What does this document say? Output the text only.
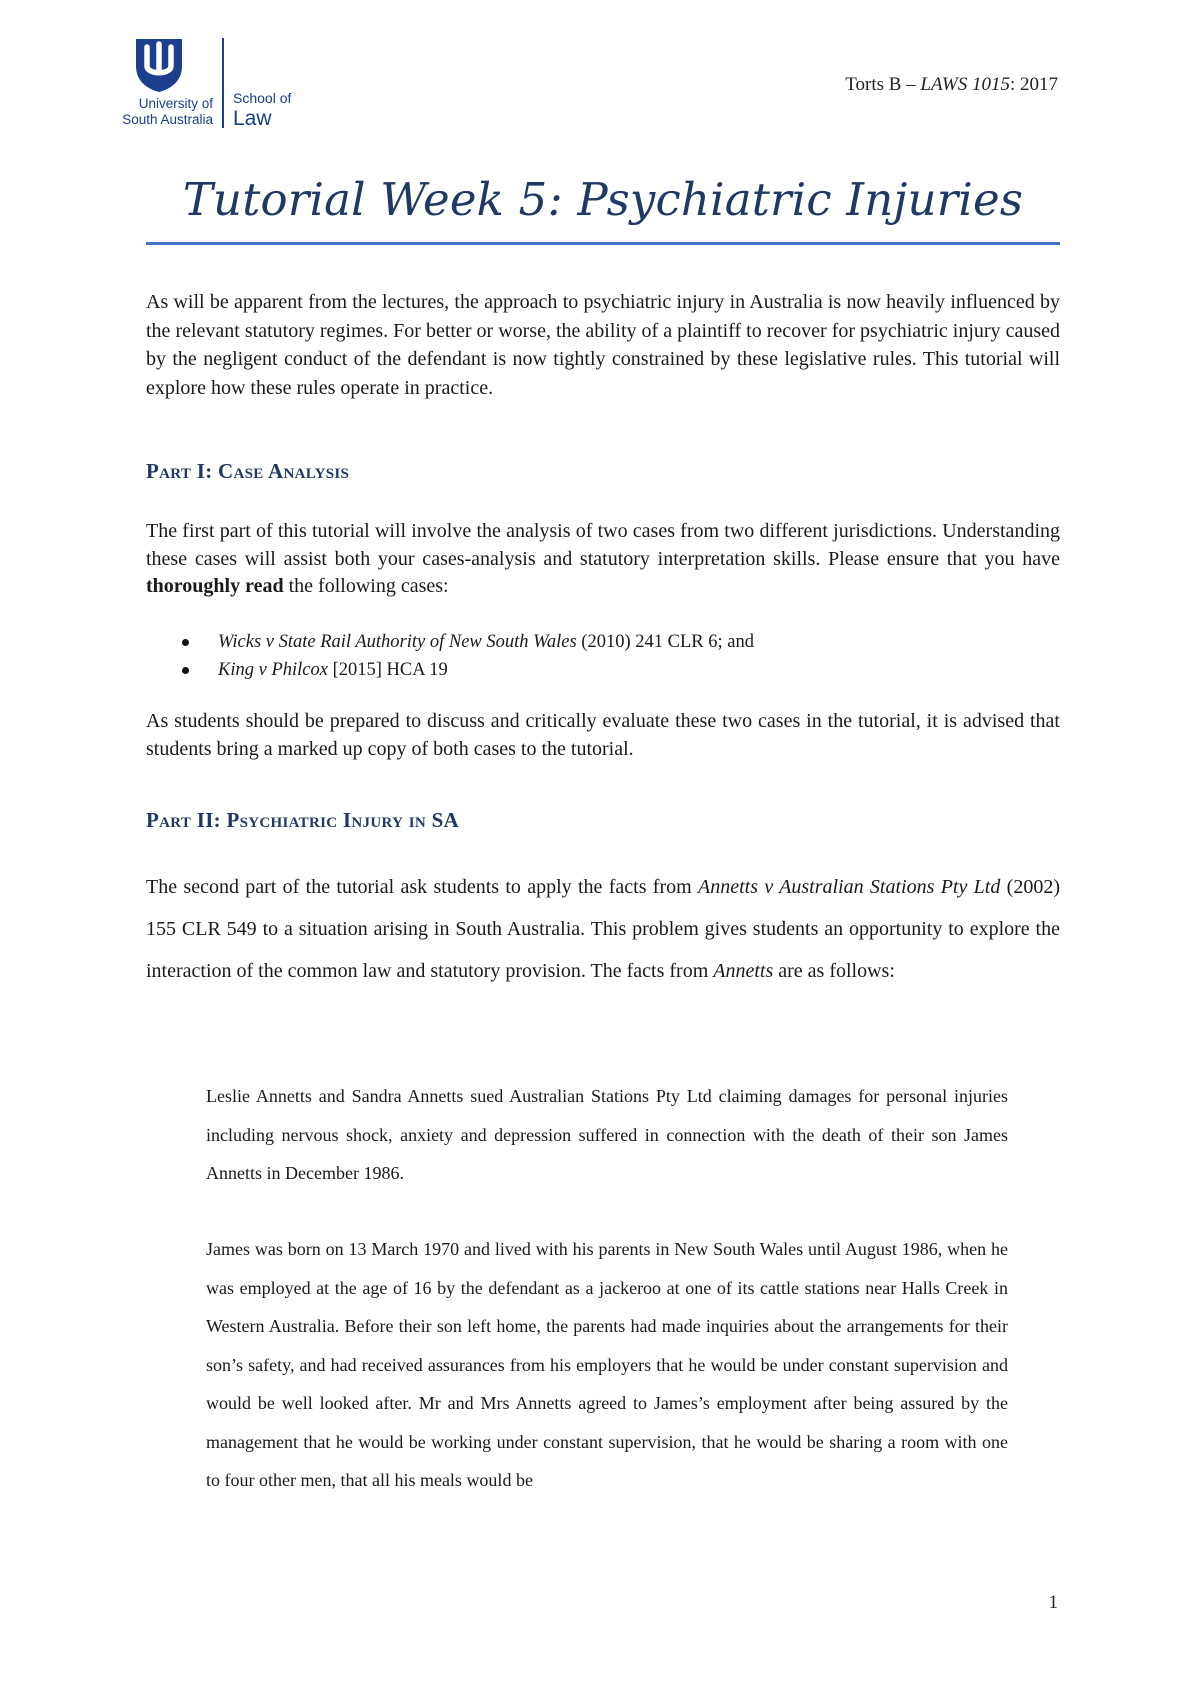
University of
South Australia
School of
Law
Torts B – LAWS 1015: 2017
Tutorial Week 5: Psychiatric Injuries

As will be apparent from the lectures, the approach to psychiatric injury in Australia is now heavily influenced by the relevant statutory regimes. For better or worse, the ability of a plaintiff to recover for psychiatric injury caused by the negligent conduct of the defendant is now tightly constrained by these legislative rules. This tutorial will explore how these rules operate in practice.

Part I: Case Analysis

The first part of this tutorial will involve the analysis of two cases from two different jurisdictions. Understanding these cases will assist both your cases-analysis and statutory interpretation skills. Please ensure that you have thoroughly read the following cases:

Wicks v State Rail Authority of New South Wales (2010) 241 CLR 6; and
King v Philcox [2015] HCA 19

As students should be prepared to discuss and critically evaluate these two cases in the tutorial, it is advised that students bring a marked up copy of both cases to the tutorial.

Part II: Psychiatric Injury in SA

The second part of the tutorial ask students to apply the facts from Annetts v Australian Stations Pty Ltd (2002) 155 CLR 549 to a situation arising in South Australia. This problem gives students an opportunity to explore the interaction of the common law and statutory provision. The facts from Annetts are as follows:

Leslie Annetts and Sandra Annetts sued Australian Stations Pty Ltd claiming damages for personal injuries including nervous shock, anxiety and depression suffered in connection with the death of their son James Annetts in December 1986.

James was born on 13 March 1970 and lived with his parents in New South Wales until August 1986, when he was employed at the age of 16 by the defendant as a jackeroo at one of its cattle stations near Halls Creek in Western Australia. Before their son left home, the parents had made inquiries about the arrangements for their son’s safety, and had received assurances from his employers that he would be under constant supervision and would be well looked after. Mr and Mrs Annetts agreed to James’s employment after being assured by the management that he would be working under constant supervision, that he would be sharing a room with one to four other men, that all his meals would be

1
